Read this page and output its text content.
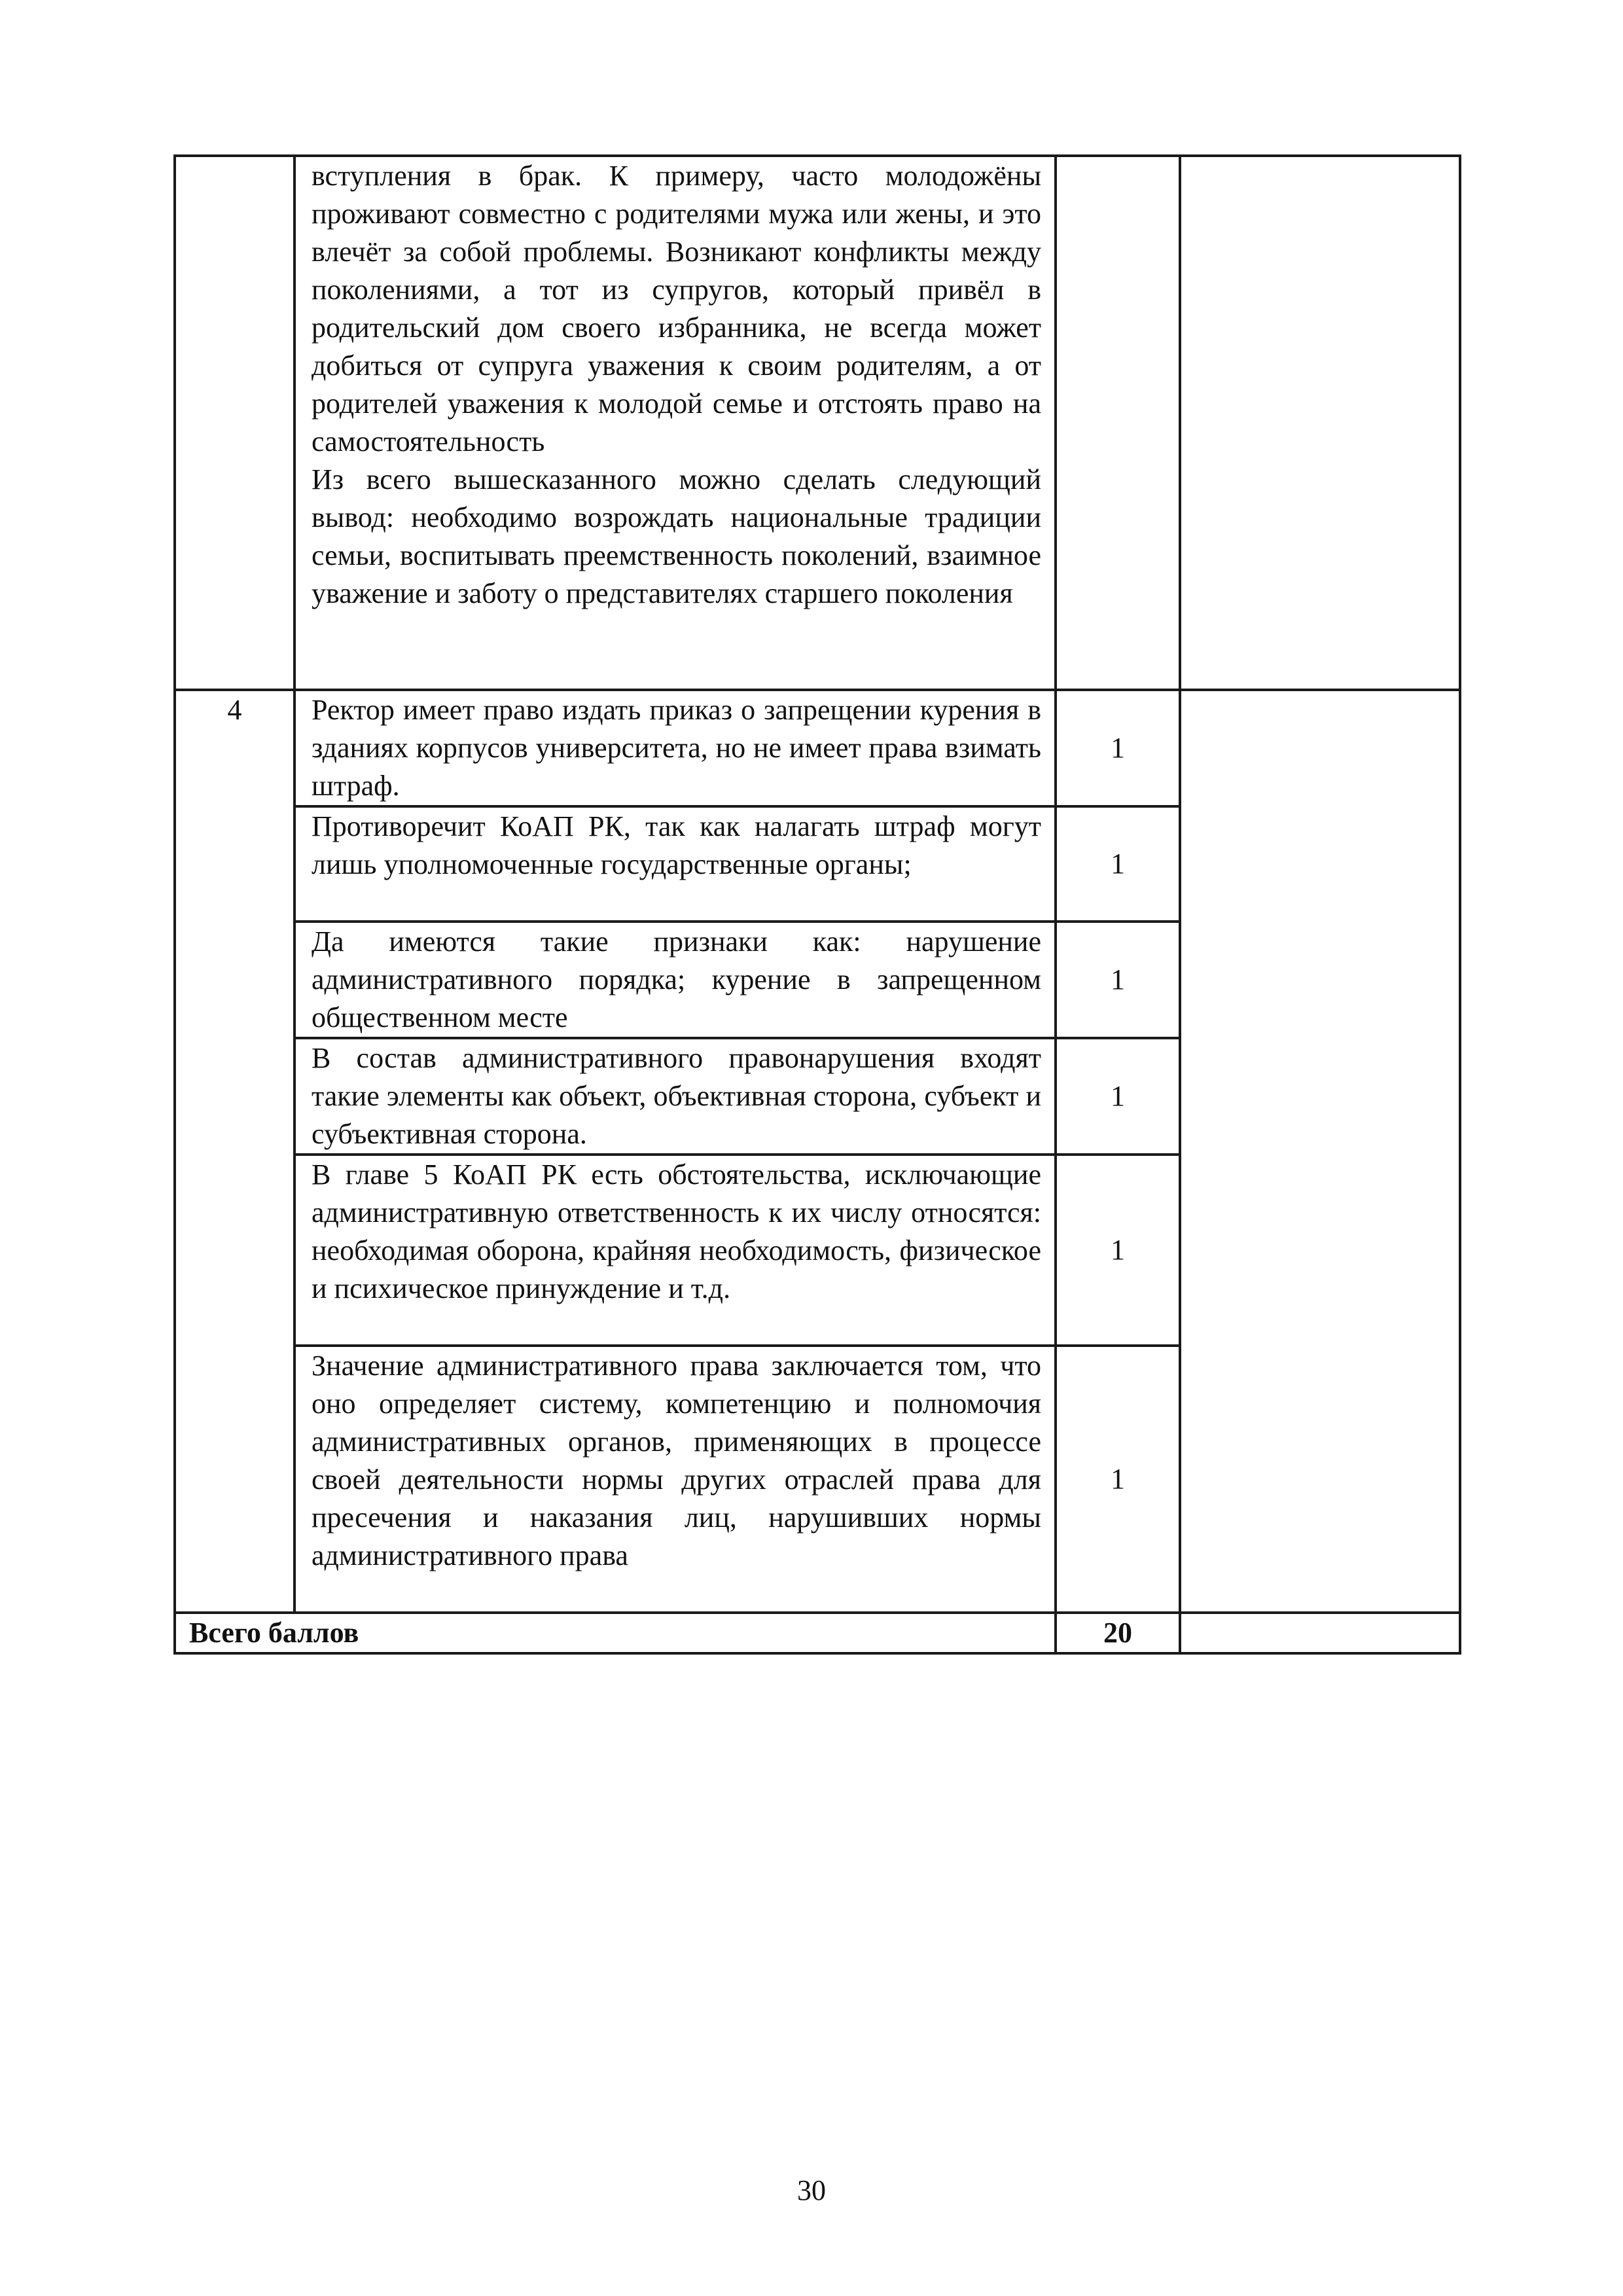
	вступления в брак. К примеру, часто молодожёны проживают совместно с родителями мужа или жены, и это влечёт за собой проблемы. Возникают конфликты между поколениями, а тот из супругов, который привёл в родительский дом своего избранника, не всегда может добиться от супруга уважения к своим родителям, а от родителей уважения к молодой семье и отстоять право на самостоятельность

Из всего вышесказанного можно сделать следующий вывод: необходимо возрождать национальные традиции семьи, воспитывать преемственность поколений, взаимное уважение и заботу о представителях старшего поколения		

4	Ректор имеет право издать приказ о запрещении курения в зданиях корпусов университета, но не имеет права взимать штраф.	1	

	Противоречит КоАП РК, так как налагать штраф могут лишь уполномоченные государственные органы;	1	

	Да имеются такие признаки как: нарушение административного порядка; курение в запрещенном общественном месте	1	

	В состав административного правонарушения входят такие элементы как объект, объективная сторона, субъект и субъективная сторона.	1	

	В главе 5 КоАП РК есть обстоятельства, исключающие административную ответственность к их числу относятся: необходимая оборона, крайняя необходимость, физическое и психическое принуждение и т.д.	1	

	Значение административного права заключается том, что оно определяет систему, компетенцию и полномочия административных органов, применяющих в процессе своей деятельности нормы других отраслей права для пресечения и наказания лиц, нарушивших нормы административного права	1	
Всего баллов		20	
30
